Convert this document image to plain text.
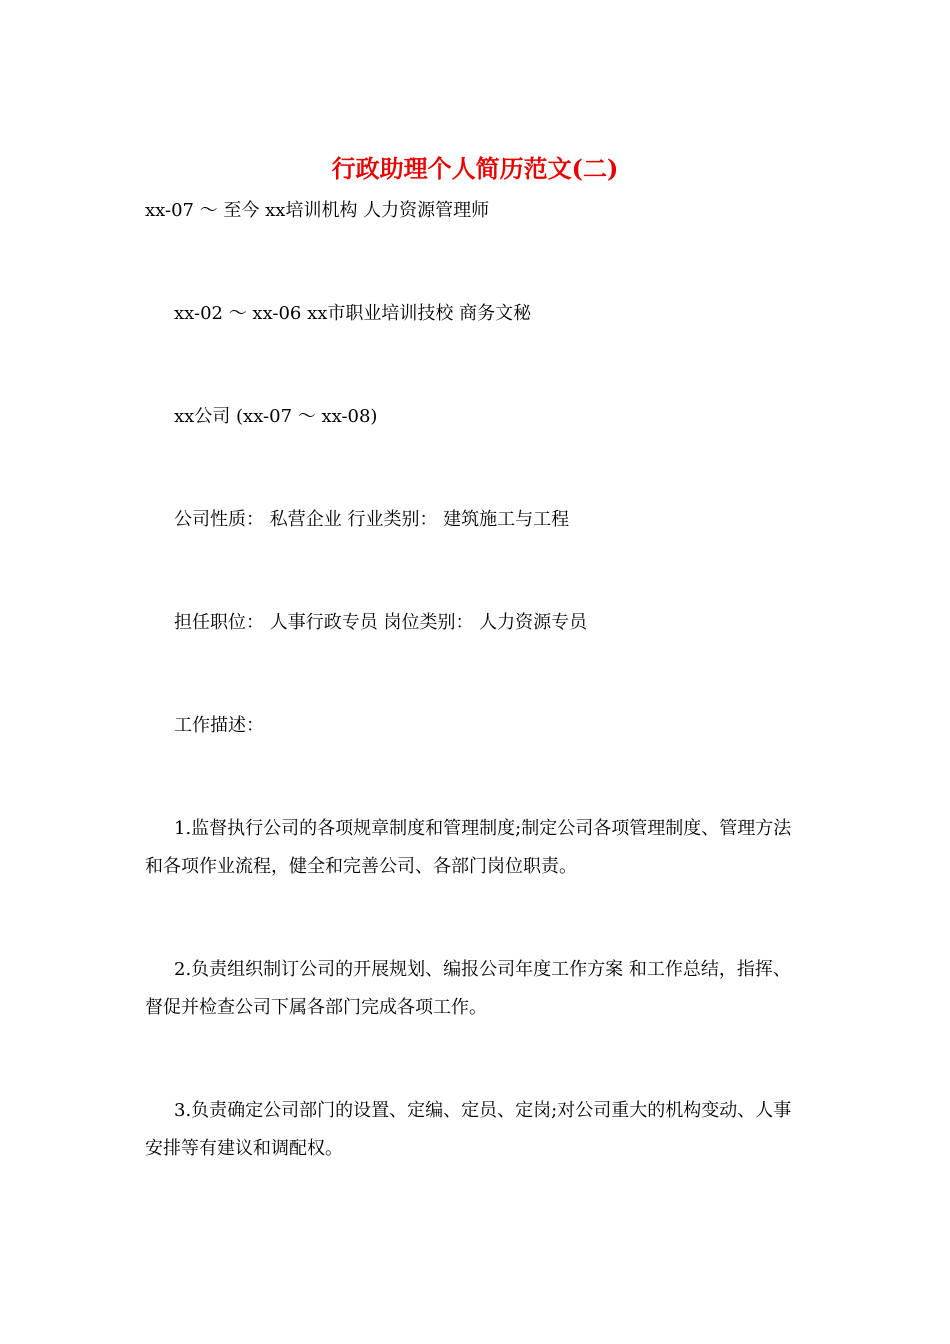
行政助理个人简历范文(二)
xx-07 ～ 至今 xx培训机构 人力资源管理师
xx-02 ～ xx-06 xx市职业培训技校 商务文秘
xx公司 (xx-07 ～ xx-08)
公司性质： 私营企业 行业类别： 建筑施工与工程
担任职位： 人事行政专员 岗位类别： 人力资源专员
工作描述：
1.监督执行公司的各项规章制度和管理制度;制定公司各项管理制度、管理方法和各项作业流程，健全和完善公司、各部门岗位职责。
2.负责组织制订公司的开展规划、编报公司年度工作方案 和工作总结，指挥、督促并检查公司下属各部门完成各项工作。
3.负责确定公司部门的设置、定编、定员、定岗;对公司重大的机构变动、人事安排等有建议和调配权。
